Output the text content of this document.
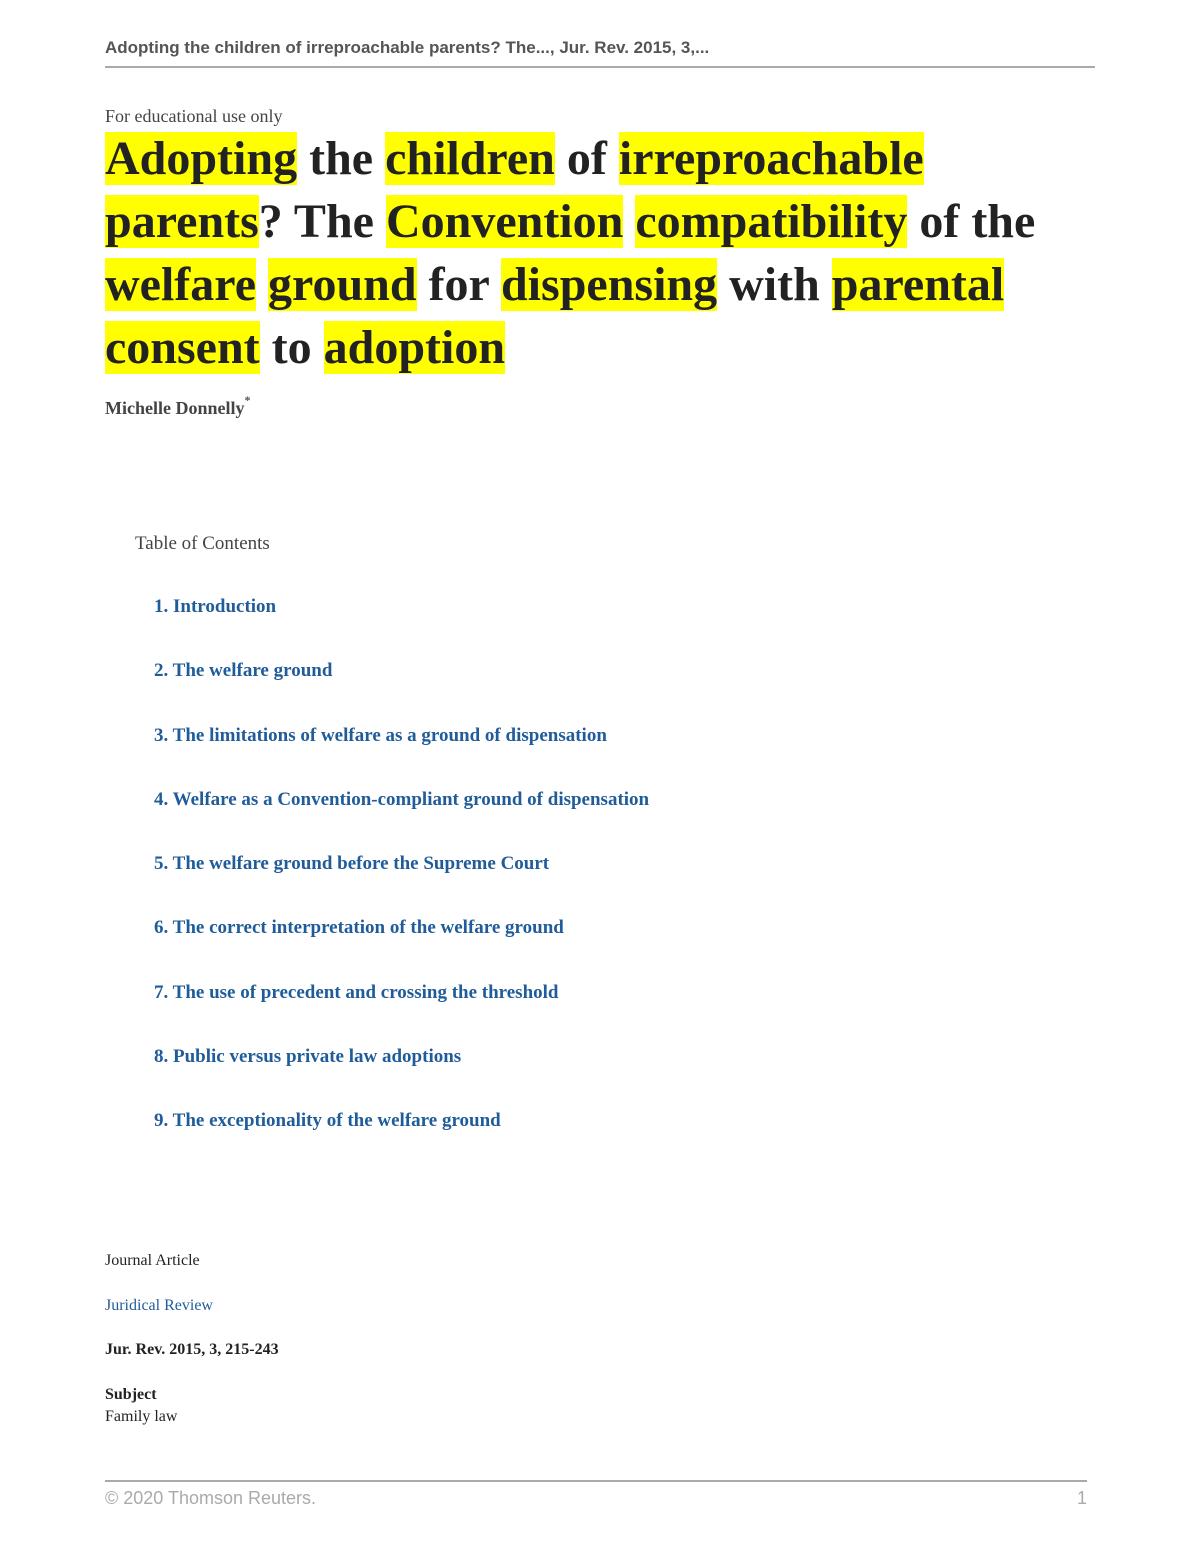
Adopting the children of irreproachable parents? The..., Jur. Rev. 2015, 3,...
For educational use only
Adopting the children of irreproachable parents? The Convention compatibility of the welfare ground for dispensing with parental consent to adoption
Michelle Donnelly*
Table of Contents
1. Introduction
2. The welfare ground
3. The limitations of welfare as a ground of dispensation
4. Welfare as a Convention-compliant ground of dispensation
5. The welfare ground before the Supreme Court
6. The correct interpretation of the welfare ground
7. The use of precedent and crossing the threshold
8. Public versus private law adoptions
9. The exceptionality of the welfare ground
Journal Article
Juridical Review
Jur. Rev. 2015, 3, 215-243
Subject
Family law
© 2020 Thomson Reuters.	1
